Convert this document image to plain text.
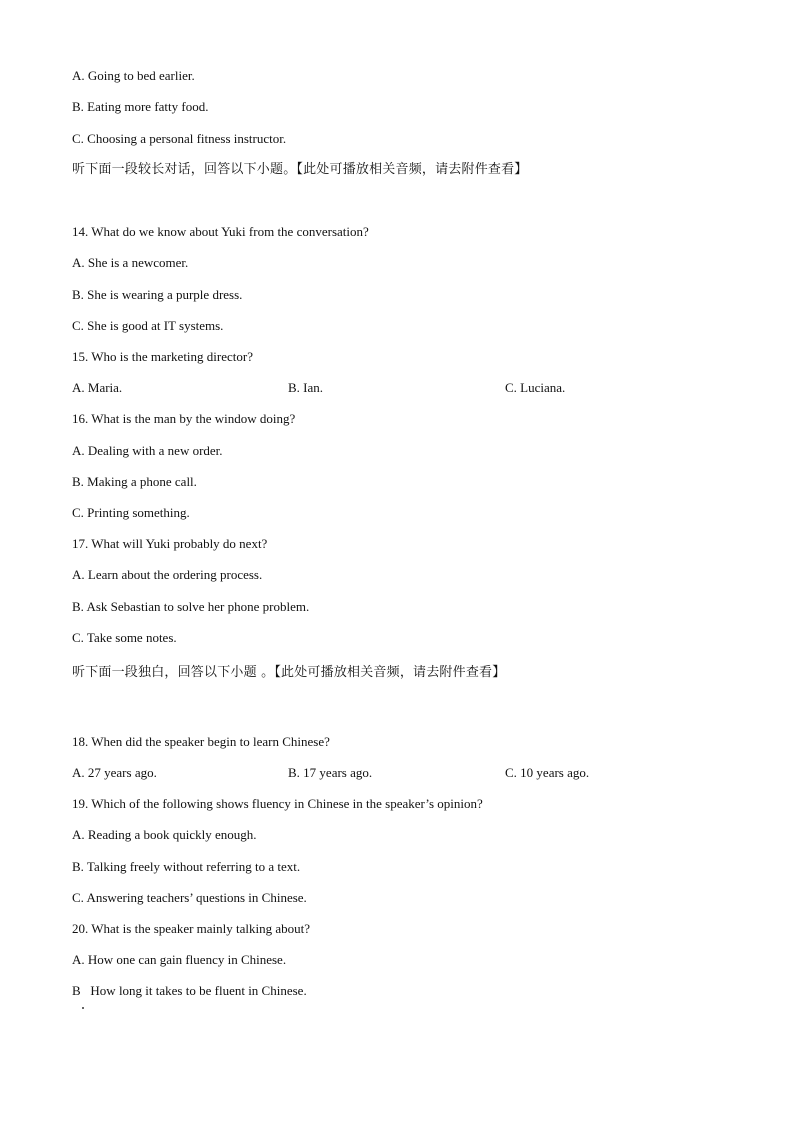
A. Going to bed earlier.
B. Eating more fatty food.
C. Choosing a personal fitness instructor.
听下面一段较长对话，回答以下小题。【此处可播放相关音频，请去附件查看】
14. What do we know about Yuki from the conversation?
A. She is a newcomer.
B. She is wearing a purple dress.
C. She is good at IT systems.
15. Who is the marketing director?
A. Maria.	B. Ian.	C. Luciana.
16. What is the man by the window doing?
A. Dealing with a new order.
B. Making a phone call.
C. Printing something.
17. What will Yuki probably do next?
A. Learn about the ordering process.
B. Ask Sebastian to solve her phone problem.
C. Take some notes.
听下面一段独白，回答以下小题 。【此处可播放相关音频，请去附件查看】
18. When did the speaker begin to learn Chinese?
A. 27 years ago.	B. 17 years ago.	C. 10 years ago.
19. Which of the following shows fluency in Chinese in the speaker’s opinion?
A. Reading a book quickly enough.
B. Talking freely without referring to a text.
C. Answering teachers’ questions in Chinese.
20. What is the speaker mainly talking about?
A. How one can gain fluency in Chinese.
B   How long it takes to be fluent in Chinese.
